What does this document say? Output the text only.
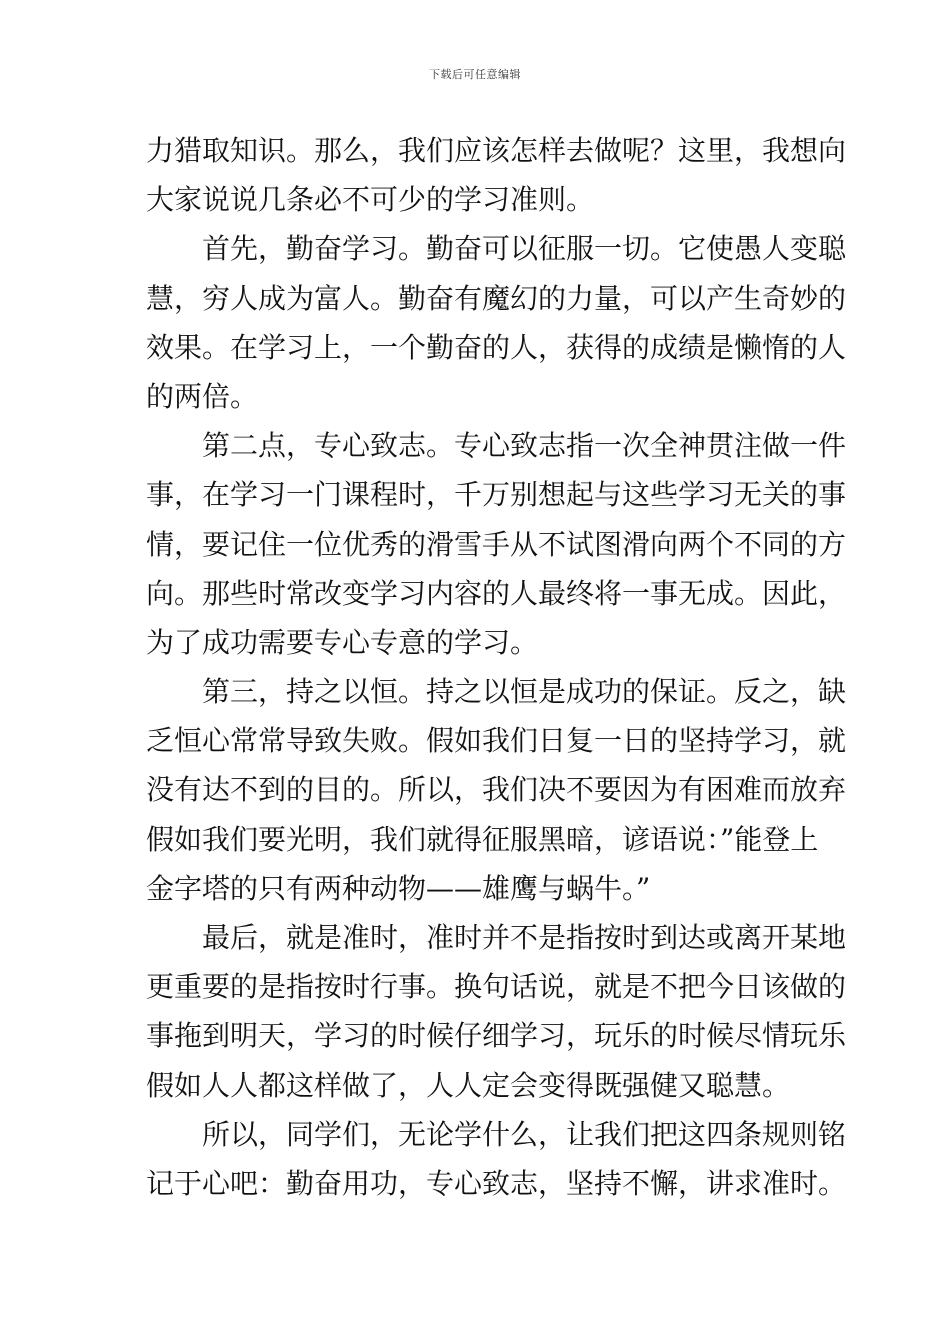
下载后可任意编辑
力猎取知识。那么，我们应该怎样去做呢？这里，我想向
大家说说几条必不可少的学习准则。
首先，勤奋学习。勤奋可以征服一切。它使愚人变聪
慧，穷人成为富人。勤奋有魔幻的力量，可以产生奇妙的
效果。在学习上，一个勤奋的人，获得的成绩是懒惰的人
的两倍。
第二点，专心致志。专心致志指一次全神贯注做一件
事，在学习一门课程时，千万别想起与这些学习无关的事
情，要记住一位优秀的滑雪手从不试图滑向两个不同的方
向。那些时常改变学习内容的人最终将一事无成。因此，
为了成功需要专心专意的学习。
第三，持之以恒。持之以恒是成功的保证。反之，缺
乏恒心常常导致失败。假如我们日复一日的坚持学习，就
没有达不到的目的。所以，我们决不要因为有困难而放弃
假如我们要光明，我们就得征服黑暗，谚语说：”能登上
金字塔的只有两种动物——雄鹰与蜗牛。”
最后，就是准时，准时并不是指按时到达或离开某地
更重要的是指按时行事。换句话说，就是不把今日该做的
事拖到明天，学习的时候仔细学习，玩乐的时候尽情玩乐
假如人人都这样做了，人人定会变得既强健又聪慧。
所以，同学们，无论学什么，让我们把这四条规则铭
记于心吧：勤奋用功，专心致志，坚持不懈，讲求准时。
